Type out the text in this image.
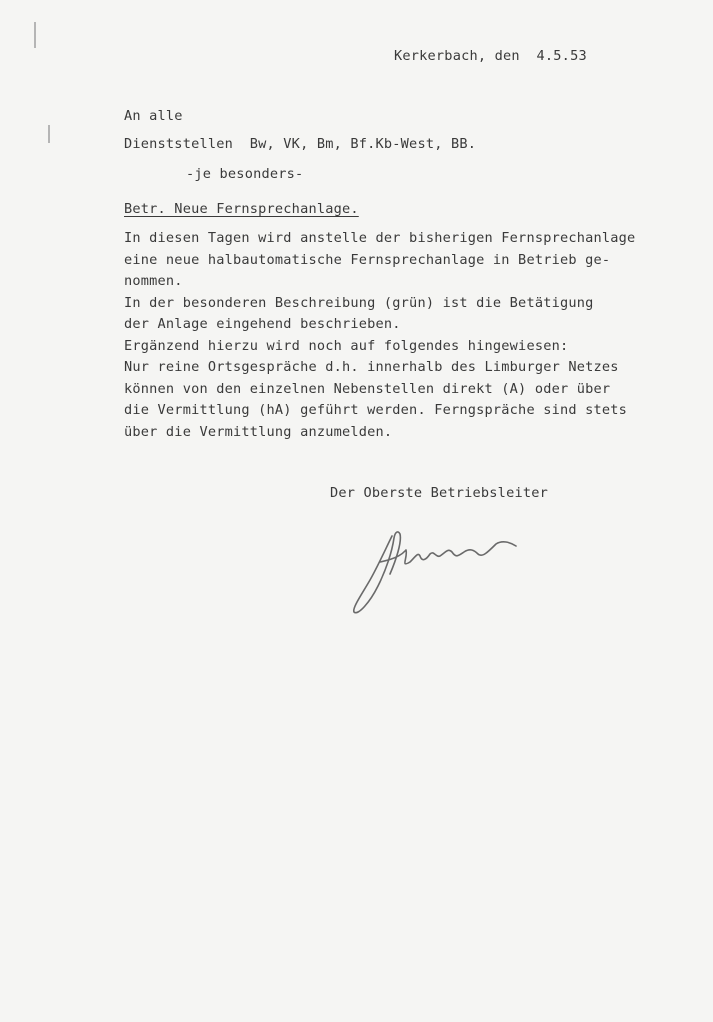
Kerkerbach, den  4.5.53
An alle
Dienststellen  Bw, VK, Bm, Bf.Kb-West, BB.
-je besonders-
Betr. Neue Fernsprechanlage.
In diesen Tagen wird anstelle der bisherigen Fernsprechanlage
eine neue halbautomatische Fernsprechanlage in Betrieb ge-
nommen.
In der besonderen Beschreibung (grün) ist die Betätigung
der Anlage eingehend beschrieben.
Ergänzend hierzu wird noch auf folgendes hingewiesen:
Nur reine Ortsgespräche d.h. innerhalb des Limburger Netzes
können von den einzelnen Nebenstellen direkt (A) oder über
die Vermittlung (hA) geführt werden. Ferngspräche sind stets
über die Vermittlung anzumelden.
Der Oberste Betriebsleiter
